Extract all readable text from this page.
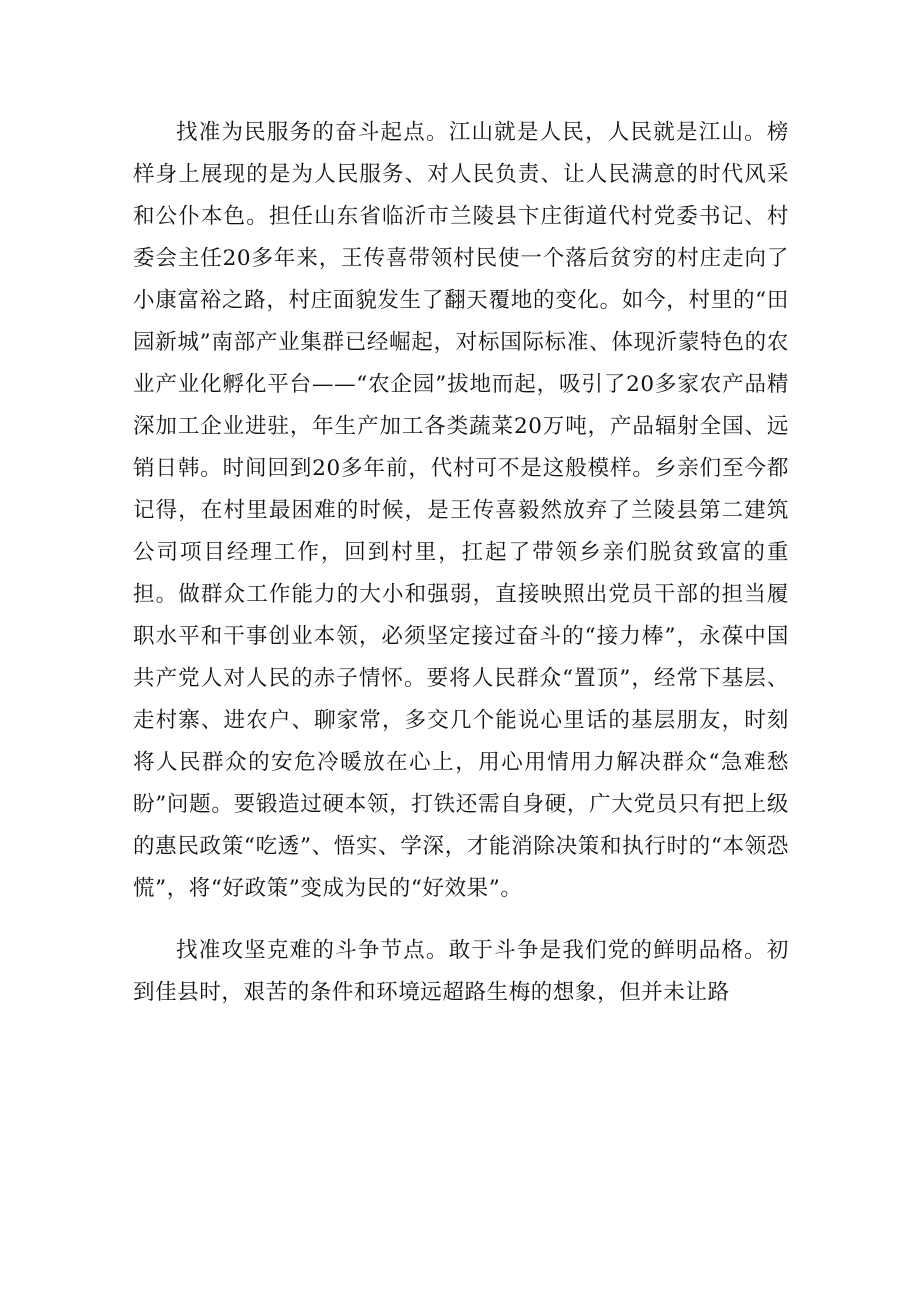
找准为民服务的奋斗起点。江山就是人民，人民就是江山。榜样身上展现的是为人民服务、对人民负责、让人民满意的时代风采和公仆本色。担任山东省临沂市兰陵县卞庄街道代村党委书记、村委会主任20多年来，王传喜带领村民使一个落后贫穷的村庄走向了小康富裕之路，村庄面貌发生了翻天覆地的变化。如今，村里的“田园新城”南部产业集群已经崛起，对标国际标准、体现沂蒙特色的农业产业化孵化平台——“农企园”拔地而起，吸引了20多家农产品精深加工企业进驻，年生产加工各类蔬菜20万吨，产品辐射全国、远销日韩。时间回到20多年前，代村可不是这般模样。乡亲们至今都记得，在村里最困难的时候，是王传喜毅然放弃了兰陵县第二建筑公司项目经理工作，回到村里，扛起了带领乡亲们脱贫致富的重担。做群众工作能力的大小和强弱，直接映照出党员干部的担当履职水平和干事创业本领，必须坚定接过奋斗的“接力棒”，永葆中国共产党人对人民的赤子情怀。要将人民群众“置顶”，经常下基层、走村寨、进农户、聊家常，多交几个能说心里话的基层朋友，时刻将人民群众的安危冷暖放在心上，用心用情用力解决群众“急难愁盼”问题。要锻造过硬本领，打铁还需自身硬，广大党员只有把上级的惠民政策“吃透”、悟实、学深，才能消除决策和执行时的“本领恐慌”，将“好政策”变成为民的“好效果”。

找准攻坚克难的斗争节点。敢于斗争是我们党的鲜明品格。初到佳县时，艰苦的条件和环境远超路生梅的想象，但并未让路
